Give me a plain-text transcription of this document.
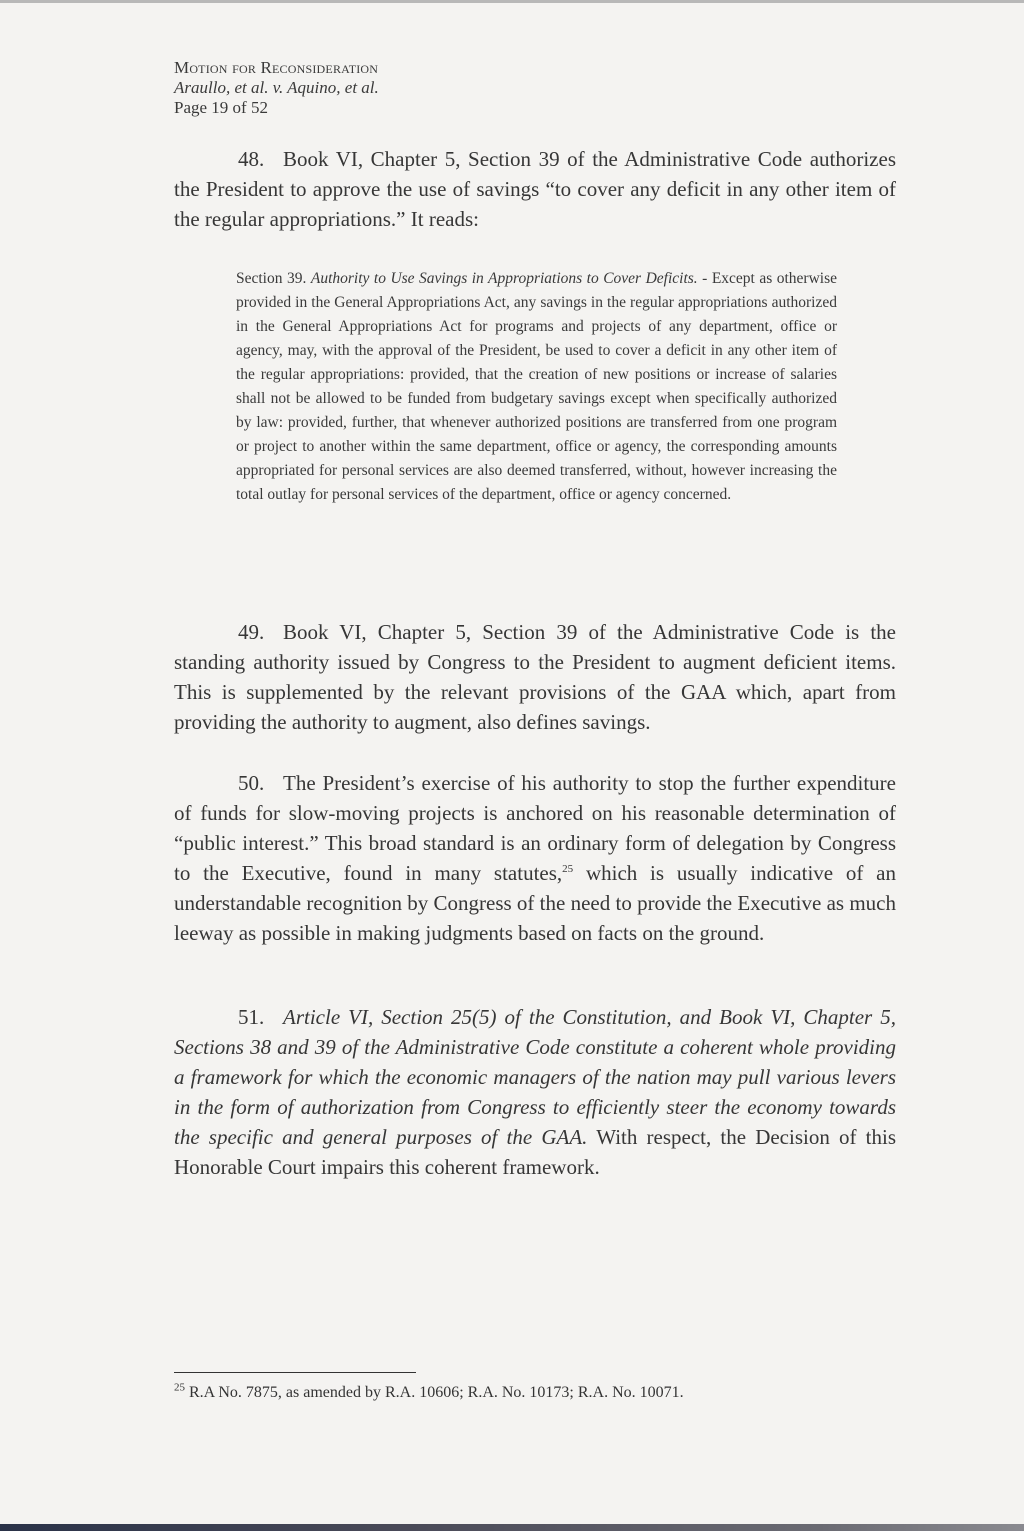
Motion for Reconsideration
Araullo, et al. v. Aquino, et al.
Page 19 of 52
48. Book VI, Chapter 5, Section 39 of the Administrative Code authorizes the President to approve the use of savings “to cover any deficit in any other item of the regular appropriations.” It reads:
Section 39. Authority to Use Savings in Appropriations to Cover Deficits. - Except as otherwise provided in the General Appropriations Act, any savings in the regular appropriations authorized in the General Appropriations Act for programs and projects of any department, office or agency, may, with the approval of the President, be used to cover a deficit in any other item of the regular appropriations: provided, that the creation of new positions or increase of salaries shall not be allowed to be funded from budgetary savings except when specifically authorized by law: provided, further, that whenever authorized positions are transferred from one program or project to another within the same department, office or agency, the corresponding amounts appropriated for personal services are also deemed transferred, without, however increasing the total outlay for personal services of the department, office or agency concerned.
49. Book VI, Chapter 5, Section 39 of the Administrative Code is the standing authority issued by Congress to the President to augment deficient items. This is supplemented by the relevant provisions of the GAA which, apart from providing the authority to augment, also defines savings.
50. The President’s exercise of his authority to stop the further expenditure of funds for slow-moving projects is anchored on his reasonable determination of “public interest.” This broad standard is an ordinary form of delegation by Congress to the Executive, found in many statutes,$^{25}$ which is usually indicative of an understandable recognition by Congress of the need to provide the Executive as much leeway as possible in making judgments based on facts on the ground.
51. Article VI, Section 25(5) of the Constitution, and Book VI, Chapter 5, Sections 38 and 39 of the Administrative Code constitute a coherent whole providing a framework for which the economic managers of the nation may pull various levers in the form of authorization from Congress to efficiently steer the economy towards the specific and general purposes of the GAA. With respect, the Decision of this Honorable Court impairs this coherent framework.
$^{25}$ R.A No. 7875, as amended by R.A. 10606; R.A. No. 10173; R.A. No. 10071.
